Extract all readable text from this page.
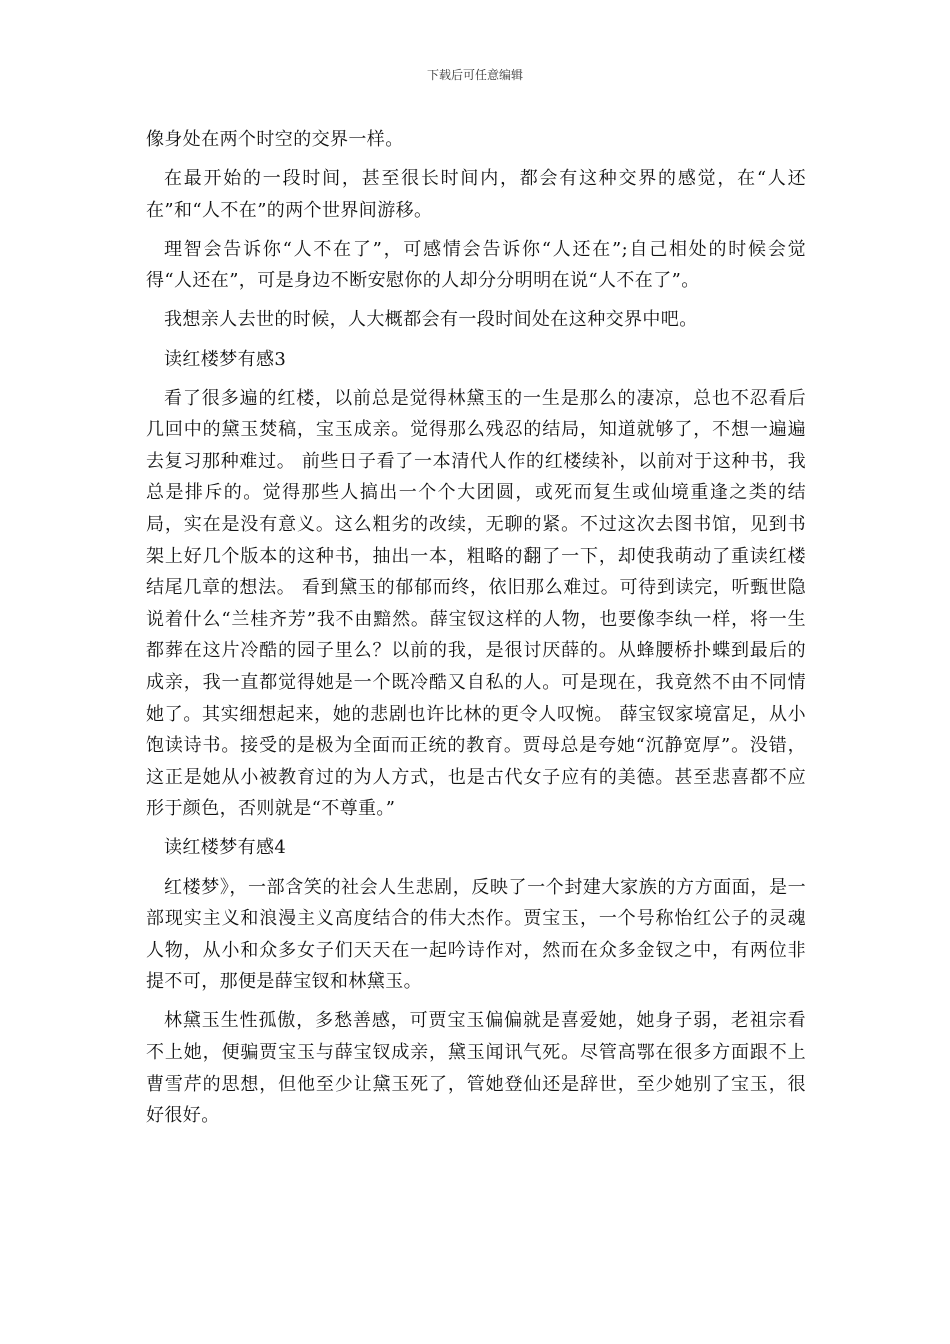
下载后可任意编辑

像身处在两个时空的交界一样。

在最开始的一段时间，甚至很长时间内，都会有这种交界的感觉，在“人还在”和“人不在”的两个世界间游移。

理智会告诉你“人不在了”，可感情会告诉你“人还在”;自己相处的时候会觉得“人还在”，可是身边不断安慰你的人却分分明明在说“人不在了”。

我想亲人去世的时候，人大概都会有一段时间处在这种交界中吧。

读红楼梦有感3

看了很多遍的红楼，以前总是觉得林黛玉的一生是那么的凄凉，总也不忍看后几回中的黛玉焚稿，宝玉成亲。觉得那么残忍的结局，知道就够了，不想一遍遍去复习那种难过。 前些日子看了一本清代人作的红楼续补，以前对于这种书，我总是排斥的。觉得那些人搞出一个个大团圆，或死而复生或仙境重逢之类的结局，实在是没有意义。这么粗劣的改续，无聊的紧。不过这次去图书馆，见到书架上好几个版本的这种书，抽出一本，粗略的翻了一下，却使我萌动了重读红楼结尾几章的想法。 看到黛玉的郁郁而终，依旧那么难过。可待到读完，听甄世隐说着什么“兰桂齐芳”我不由黯然。薛宝钗这样的人物，也要像李纨一样，将一生都葬在这片冷酷的园子里么？以前的我，是很讨厌薛的。从蜂腰桥扑蝶到最后的成亲，我一直都觉得她是一个既冷酷又自私的人。可是现在，我竟然不由不同情她了。其实细想起来，她的悲剧也许比林的更令人叹惋。 薛宝钗家境富足，从小饱读诗书。接受的是极为全面而正统的教育。贾母总是夸她“沉静宽厚”。没错，这正是她从小被教育过的为人方式，也是古代女子应有的美德。甚至悲喜都不应形于颜色，否则就是“不尊重。”

读红楼梦有感4

红楼梦》，一部含笑的社会人生悲剧，反映了一个封建大家族的方方面面，是一部现实主义和浪漫主义高度结合的伟大杰作。贾宝玉，一个号称怡红公子的灵魂人物，从小和众多女子们天天在一起吟诗作对，然而在众多金钗之中，有两位非提不可，那便是薛宝钗和林黛玉。

林黛玉生性孤傲，多愁善感，可贾宝玉偏偏就是喜爱她，她身子弱，老祖宗看不上她，便骗贾宝玉与薛宝钗成亲，黛玉闻讯气死。尽管高鄂在很多方面跟不上曹雪芹的思想，但他至少让黛玉死了，管她登仙还是辞世，至少她别了宝玉，很好很好。
